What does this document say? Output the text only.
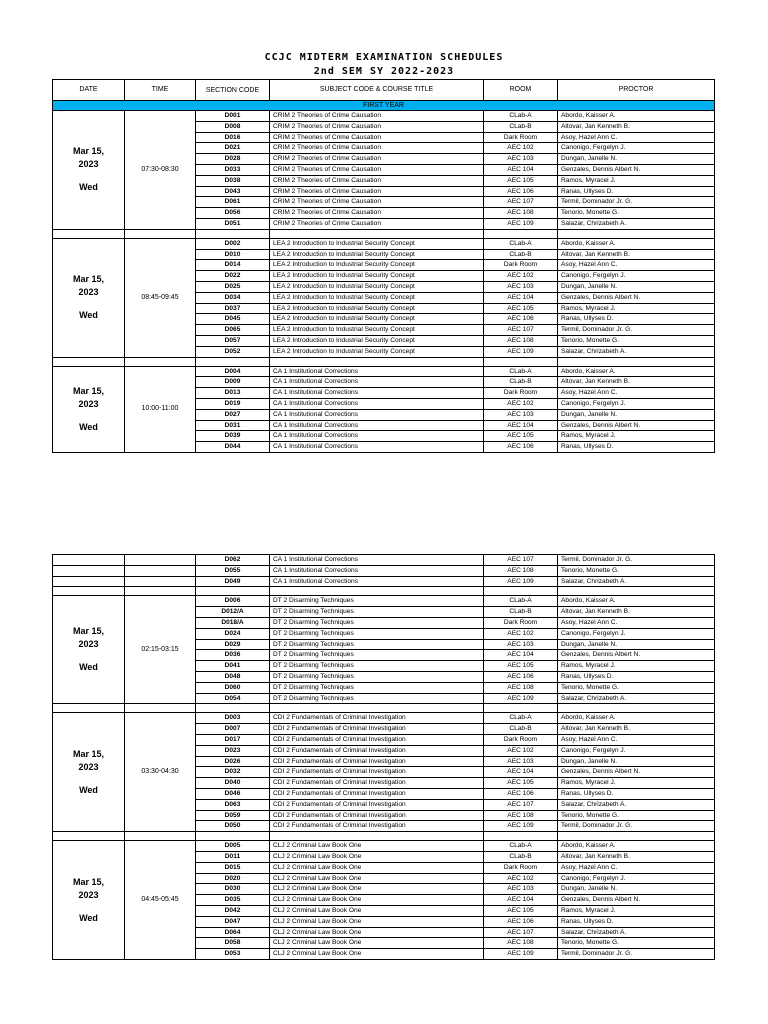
CCJC MIDTERM EXAMINATION SCHEDULES
2nd SEM SY 2022-2023
DATE	TIME	SECTION CODE	SUBJECT CODE & COURSE TITLE	ROOM	PROCTOR
FIRST YEAR					

Mar 15,
2023
Wed	07:30-08:30	D001	CRIM 2 Theories of Crime Causation	CLab-A	Abordo, Kaisser A.
		D008	CRIM 2 Theories of Crime Causation	CLab-B	Altovar, Jan Kenneth B.
		D016	CRIM 2 Theories of Crime Causation	Dark Room	Asoy, Hazel Ann C.
		D021	CRIM 2 Theories of Crime Causation	AEC 102	Canonigo, Fergelyn J.
		D028	CRIM 2 Theories of Crime Causation	AEC 103	Dungan, Janelle N.
		D033	CRIM 2 Theories of Crime Causation	AEC 104	Genzales, Dennis Albert N.
		D038	CRIM 2 Theories of Crime Causation	AEC 105	Ramos, Myracel J.
		D043	CRIM 2 Theories of Crime Causation	AEC 106	Ranas, Ullyses D.
		D061	CRIM 2 Theories of Crime Causation	AEC 107	Termil, Dominador Jr. G.
		D056	CRIM 2 Theories of Crime Causation	AEC 108	Tenorio, Monette G.
		D051	CRIM 2 Theories of Crime Causation	AEC 109	Salazar, Chrizabeth A.

Mar 15,
2023
Wed	08:45-09:45	D002	LEA 2 Introduction to Industrial Security Concept	CLab-A	Abordo, Kaisser A.
		D010	LEA 2 Introduction to Industrial Security Concept	CLab-B	Altovar, Jan Kenneth B.
		D014	LEA 2 Introduction to Industrial Security Concept	Dark Room	Asoy, Hazel Ann C.
		D022	LEA 2 Introduction to Industrial Security Concept	AEC 102	Canonigo, Fergelyn J.
		D025	LEA 2 Introduction to Industrial Security Concept	AEC 103	Dungan, Janelle N.
		D034	LEA 2 Introduction to Industrial Security Concept	AEC 104	Genzales, Dennis Albert N.
		D037	LEA 2 Introduction to Industrial Security Concept	AEC 105	Ramos, Myracel J.
		D045	LEA 2 Introduction to Industrial Security Concept	AEC 106	Ranas, Ullyses D.
		D065	LEA 2 Introduction to Industrial Security Concept	AEC 107	Termil, Dominador Jr. G.
		D057	LEA 2 Introduction to Industrial Security Concept	AEC 108	Tenorio, Monette G.
		D052	LEA 2 Introduction to Industrial Security Concept	AEC 109	Salazar, Chrizabeth A.

Mar 15,
2023
Wed	10:00-11:00	D004	CA 1 Institutional Corrections	CLab-A	Abordo, Kaisser A.
		D009	CA 1 Institutional Corrections	CLab-B	Altovar, Jan Kenneth B.
		D013	CA 1 Institutional Corrections	Dark Room	Asoy, Hazel Ann C.
		D019	CA 1 Institutional Corrections	AEC 102	Canonigo, Fergelyn J.
		D027	CA 1 Institutional Corrections	AEC 103	Dungan, Janelle N.
		D031	CA 1 Institutional Corrections	AEC 104	Genzales, Dennis Albert N.
		D039	CA 1 Institutional Corrections	AEC 105	Ramos, Myracel J.
		D044	CA 1 Institutional Corrections	AEC 106	Ranas, Ullyses D.
		D062	CA 1 Institutional Corrections	AEC 107	Termil, Dominador Jr. G.
		D055	CA 1 Institutional Corrections	AEC 108	Tenorio, Monette G.
		D049	CA 1 Institutional Corrections	AEC 109	Salazar, Chrizabeth A.

Mar 15,
2023
Wed	02:15-03:15	D006	DT 2 Disarming Techniques	CLab-A	Abordo, Kaisser A.
		D012/A	DT 2 Disarming Techniques	CLab-B	Altovar, Jan Kenneth B.
		D018/A	DT 2 Disarming Techniques	Dark Room	Asoy, Hazel Ann C.
		D024	DT 2 Disarming Techniques	AEC 102	Canonigo, Fergelyn J.
		D029	DT 2 Disarming Techniques	AEC 103	Dungan, Janelle N.
		D036	DT 2 Disarming Techniques	AEC 104	Genzales, Dennis Albert N.
		D041	DT 2 Disarming Techniques	AEC 105	Ramos, Myracel J.
		D048	DT 2 Disarming Techniques	AEC 106	Ranas, Ullyses D.
		D060	DT 2 Disarming Techniques	AEC 108	Tenorio, Monette G.
		D054	DT 2 Disarming Techniques	AEC 109	Salazar, Chrizabeth A.

Mar 15,
2023
Wed	03:30-04:30	D003	CDI 2 Fundamentals of Criminal Investigation	CLab-A	Abordo, Kaisser A.
		D007	CDI 2 Fundamentals of Criminal Investigation	CLab-B	Altovar, Jan Kenneth B.
		D017	CDI 2 Fundamentals of Criminal Investigation	Dark Room	Asoy, Hazel Ann C.
		D023	CDI 2 Fundamentals of Criminal Investigation	AEC 102	Canonigo, Fergelyn J.
		D026	CDI 2 Fundamentals of Criminal Investigation	AEC 103	Dungan, Janelle N.
		D032	CDI 2 Fundamentals of Criminal Investigation	AEC 104	Genzales, Dennis Albert N.
		D040	CDI 2 Fundamentals of Criminal Investigation	AEC 105	Ramos, Myracel J.
		D046	CDI 2 Fundamentals of Criminal Investigation	AEC 106	Ranas, Ullyses D.
		D063	CDI 2 Fundamentals of Criminal Investigation	AEC 107	Salazar, Chrizabeth A.
		D059	CDI 2 Fundamentals of Criminal Investigation	AEC 108	Tenorio, Monette G.
		D050	CDI 2 Fundamentals of Criminal Investigation	AEC 109	Termil, Dominador Jr. G.

Mar 15,
2023
Wed	04:45-05:45	D005	CLJ 2 Criminal Law Book One	CLab-A	Abordo, Kaisser A.
		D011	CLJ 2 Criminal Law Book One	CLab-B	Altovar, Jan Kenneth B.
		D015	CLJ 2 Criminal Law Book One	Dark Room	Asoy, Hazel Ann C.
		D020	CLJ 2 Criminal Law Book One	AEC 102	Canonigo, Fergelyn J.
		D030	CLJ 2 Criminal Law Book One	AEC 103	Dungan, Janelle N.
		D035	CLJ 2 Criminal Law Book One	AEC 104	Genzales, Dennis Albert N.
		D042	CLJ 2 Criminal Law Book One	AEC 105	Ramos, Myracel J.
		D047	CLJ 2 Criminal Law Book One	AEC 106	Ranas, Ullyses D.
		D064	CLJ 2 Criminal Law Book One	AEC 107	Salazar, Chrizabeth A.
		D058	CLJ 2 Criminal Law Book One	AEC 108	Tenorio, Monette G.
		D053	CLJ 2 Criminal Law Book One	AEC 109	Termil, Dominador Jr. G.
